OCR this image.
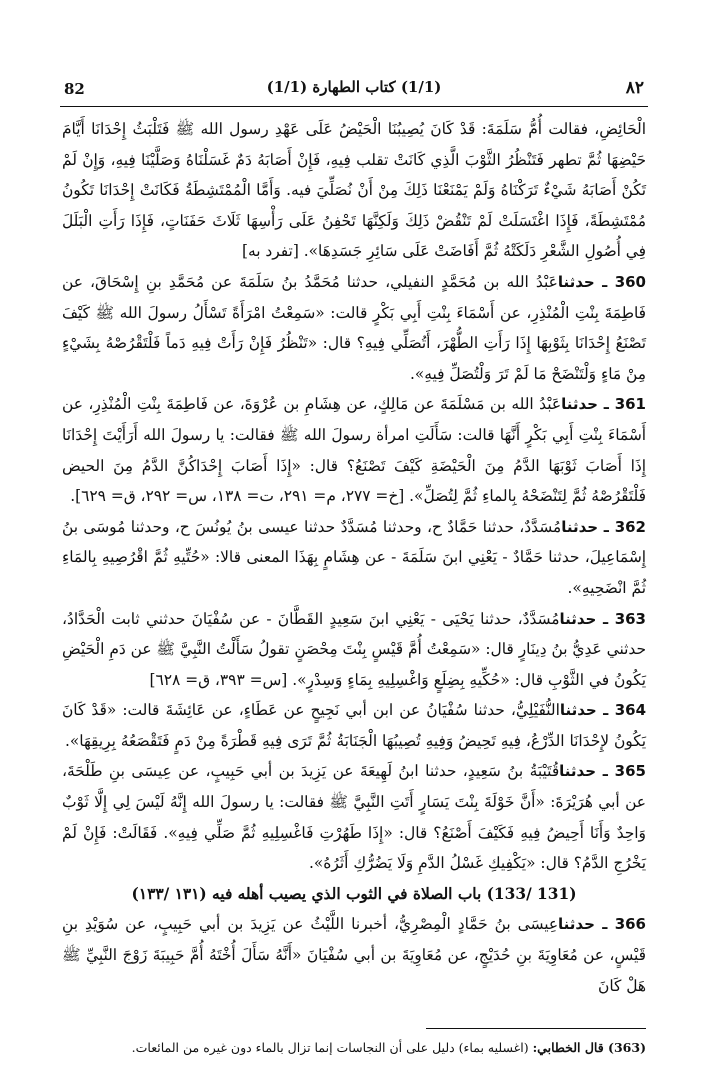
82	(1/1) كتاب الطهارة (1/1)	٨٢

الْحَائِضِ، فقالت أُمُّ سَلَمَةَ: قَدْ كَانَ يُصِيبُنَا الْحَيْضُ عَلَى عَهْدِ رسول الله ﷺ فَتَلْبَثُ إِحْدَانَا أَيَّامَ حَيْضِهَا ثُمَّ تطهر فَتَنْظُرُ الثَّوْبَ الَّذِي كَانَتْ تقلب فِيهِ، فَإِنْ أَصَابَهُ دَمٌ غَسَلْنَاهُ وَصَلَّيْنَا فِيهِ، وَإِنْ لَمْ تَكُنْ أَصَابَهُ شَيْءٌ تَرَكْنَاهُ وَلَمْ يَمْنَعْنَا ذَلِكَ مِنْ أَنْ نُصَلِّيَ فيه. وَأَمَّا الْمُمْتَشِطَةُ فَكَانَتْ إِحْدَانَا تَكُونُ مُمْتَشِطَةً، فَإِذَا اغْتَسَلَتْ لَمْ تَنْقُضْ ذَلِكَ وَلَكِنَّهَا تَحْفِنُ عَلَى رَأْسِهَا ثَلَاثَ حَفَنَاتٍ، فَإِذَا رَأَتِ الْبَلَلَ فِي أُصُولِ الشَّعْرِ دَلَكَتْهُ ثُمَّ أَفَاضَتْ عَلَى سَائِرِ جَسَدِهَا». [تفرد به]

360 ـ حدثناعَبْدُ الله بن مُحَمَّدٍ النفيلي، حدثنا مُحَمَّدُ بنُ سَلَمَةَ عن مُحَمَّدِ بنِ إِسْحَاقَ، عن فَاطِمَةَ بِنْتِ الْمُنْذِرِ، عن أَسْمَاءَ بِنْتِ أَبِي بَكْرٍ قالت: «سَمِعْتُ امْرَأَةً تَسْأَلُ رسولَ الله ﷺ كَيْفَ تَصْنَعُ إِحْدَانَا بِثَوْبِهَا إِذَا رَأَتِ الطُّهْرَ، أَتُصَلِّي فِيهِ؟ قال: «تَنْظُرُ فَإِنْ رَأَتْ فِيهِ دَماً فَلْتَقْرُصْهُ بِشَيْءٍ مِنْ مَاءٍ وَلْتَنْضَحْ مَا لَمْ تَرَ وَلْتُصَلِّ فِيهِ».

361 ـ حدثناعَبْدُ الله بن مَسْلَمَةَ عن مَالِكٍ، عن هِشَامِ بن عُرْوَةَ، عن فَاطِمَةَ بِنْتِ الْمُنْذِرِ، عن أَسْمَاءَ بِنْتِ أَبِي بَكْرٍ أَنَّهَا قالت: سَأَلَتِ امرأة رسولَ الله ﷺ فقالت: يا رسولَ الله أَرَأَيْتَ إِحْدَانَا إِذَا أَصَابَ ثَوْبَهَا الدَّمُ مِنَ الْحَيْضَةِ كَيْفَ تَصْنَعُ؟ قال: «إِذَا أَصَابَ إِحْدَاكُنَّ الدَّمُ مِنَ الحيض فَلْتَقْرُصْهُ ثُمَّ لِتَنْضَحْهُ بِالماءِ ثُمَّ لِتُصَلِّ». [خ= ٢٧٧، م= ٢٩١، ت= ١٣٨، س= ٢٩٢، ق= ٦٢٩].

362 ـ حدثنامُسَدَّدٌ، حدثنا حَمَّادٌ ح، وحدثنا مُسَدَّدٌ حدثنا عيسى بنُ يُونُسَ ح، وحدثنا مُوسَى بنُ إِسْمَاعِيلَ، حدثنا حَمَّادٌ - يَعْنِي ابنَ سَلَمَةَ - عن هِشَامٍ بِهَذَا المعنى قالا: «حُتِّيهِ ثُمَّ اقْرُصِيهِ بِالمَاءِ ثُمَّ انْضَحِيهِ».

363 ـ حدثنامُسَدَّدٌ، حدثنا يَحْيَى - يَعْنِي ابنَ سَعِيدٍ القَطَّانَ - عن سُفْيَانَ حدثني ثابت الْحَدَّادُ، حدثني عَدِيُّ بنُ دِينَارٍ قال: «سَمِعْتُ أُمَّ قَيْسٍ بِنْتَ مِحْصَنٍ تقولُ سَأَلْتُ النَّبِيَّ ﷺ عن دَمِ الْحَيْضِ يَكُونُ في الثَّوْبِ قال: «حُكِّيهِ بِضِلَعٍ وَاغْسِلِيهِ بِمَاءٍ وَسِدْرٍ». [س= ٣٩٣، ق= ٦٢٨]

364 ـ حدثناالنُّفَيْلِيُّ، حدثنا سُفْيَانُ عن ابن أبي نَجِيحٍ عن عَطَاءٍ، عن عَائِشَةَ قالت: «قَدْ كَانَ يَكُونُ لإِحْدَانَا الدِّرْعُ، فِيهِ تَحِيضُ وَفِيهِ تُصِيبُهَا الْجَنَابَةُ ثُمَّ تَرَى فِيهِ قَطْرَةً مِنْ دَمٍ فَتَقْصَعُهُ بِرِيقِهَا».

365 ـ حدثناقُتَيْبَةُ بنُ سَعِيدٍ، حدثنا ابنُ لَهِيعَةَ عن يَزِيدَ بن أبي حَبِيبٍ، عن عِيسَى بنِ طَلْحَةَ، عن أبي هُرَيْرَةَ: «أَنَّ خَوْلَةَ بِنْتَ يَسَارٍ أَتَتِ النَّبِيَّ ﷺ فقالت: يا رسولَ الله إِنَّهُ لَيْسَ لِي إِلَّا ثَوْبٌ وَاحِدٌ وَأَنَا أَحِيضُ فِيهِ فَكَيْفَ أَصْنَعُ؟ قال: «إِذَا طَهُرْتِ فَاغْسِلِيهِ ثُمَّ صَلِّي فِيهِ». فَقَالَتْ: فَإِنْ لَمْ يَخْرُجِ الدَّمُ؟ قال: «يَكْفِيكِ غَسْلُ الدَّمِ وَلَا يَضُرُّكِ أَثَرُهُ».

(131 /133) باب الصلاة في الثوب الذي يصيب أهله فيه (١٣١ /١٣٣)

366 ـ حدثناعِيسَى بنُ حَمَّادٍ الْمِصْرِيُّ، أخبرنا اللَّيْثُ عن يَزِيدَ بن أبي حَبِيبٍ، عن سُوَيْدِ بنِ قَيْسٍ، عن مُعَاوِيَةَ بنِ حُدَيْجٍ، عن مُعَاوِيَةَ بن أبي سُفْيَانَ «أَنَّهُ سَأَلَ أُخْتَهُ أُمَّ حَبِيبَةَ زَوْجَ النَّبِيِّ ﷺ هَلْ كَانَ

(363) قال الخطابي: (اغسليه بماء) دليل على أن النجاسات إنما تزال بالماء دون غيره من المائعات.
